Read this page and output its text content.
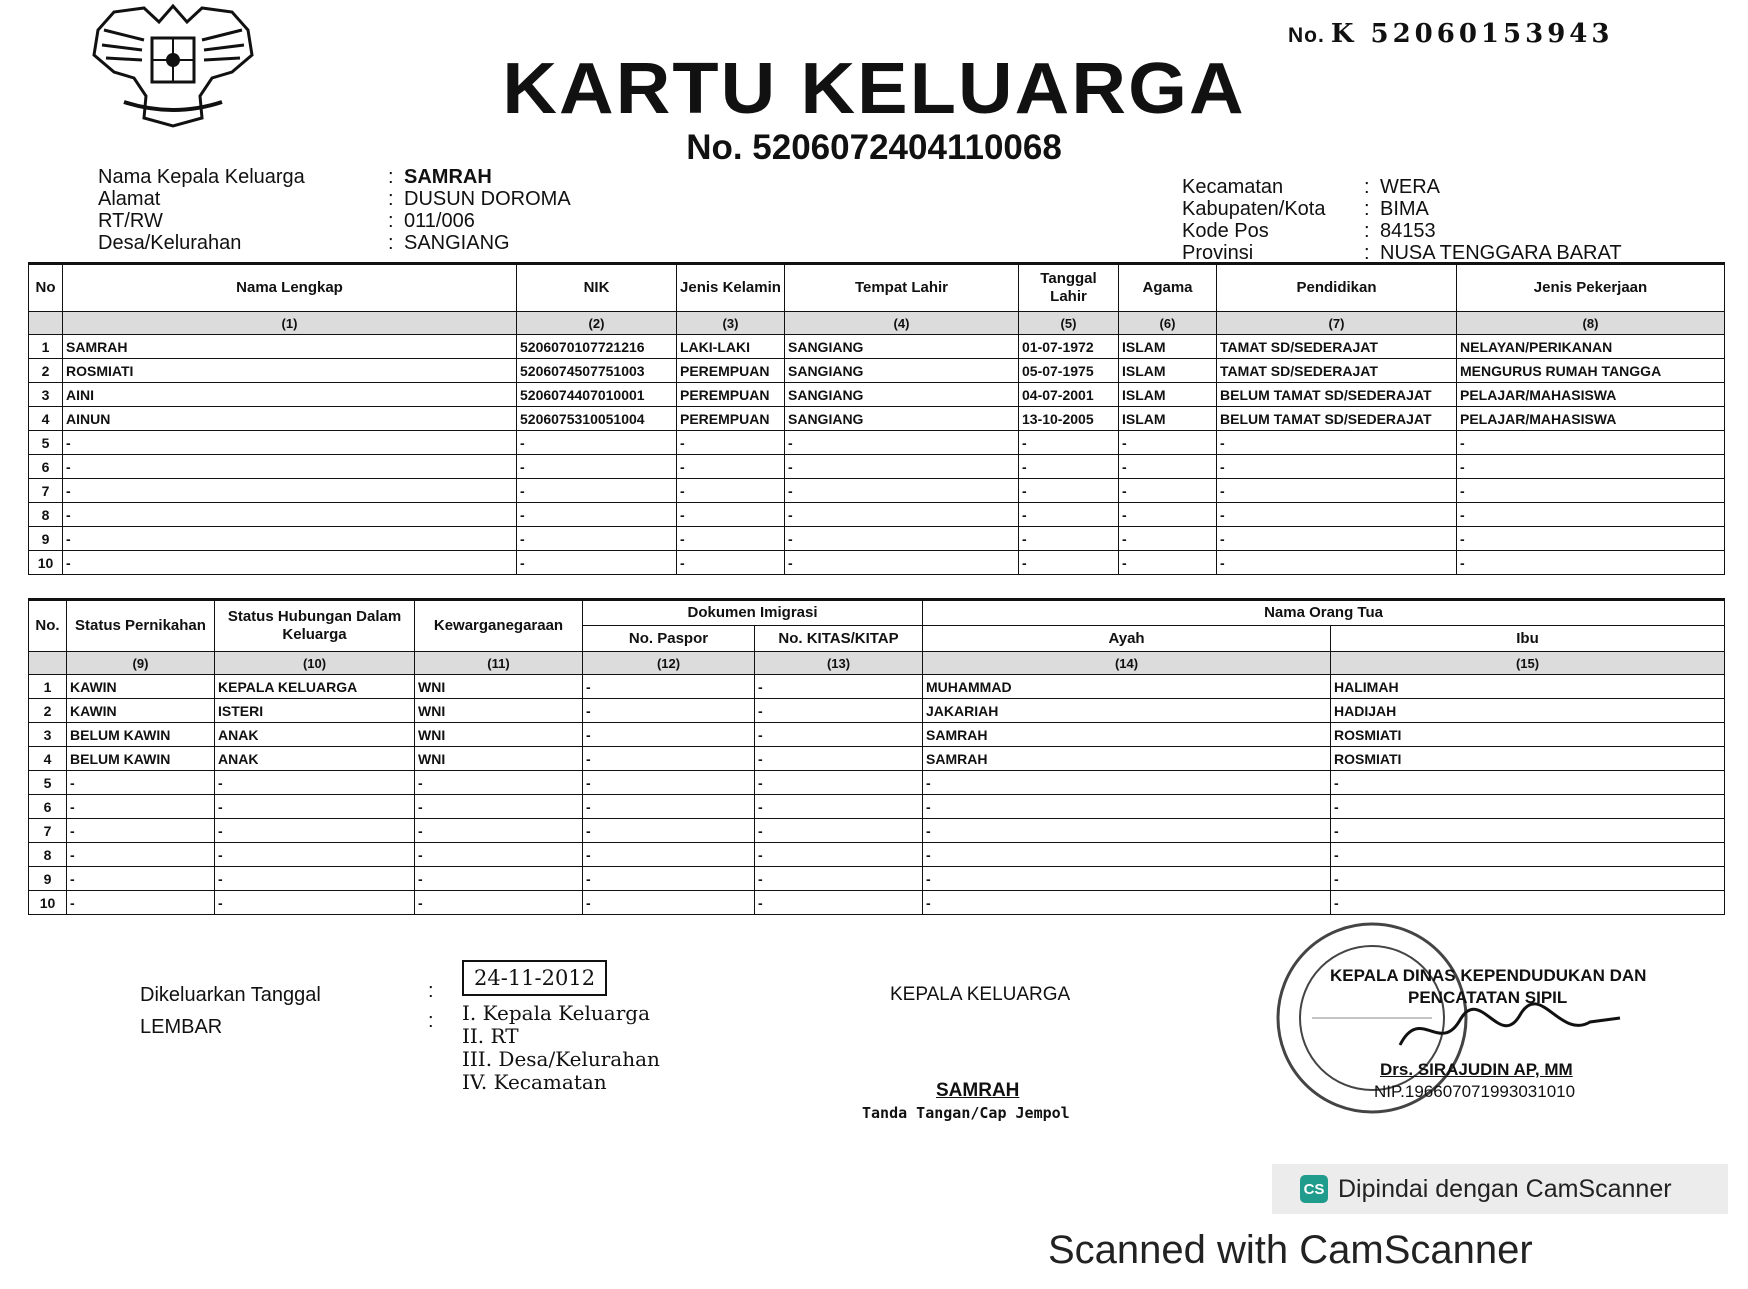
No. K 52060153943
KARTU KELUARGA
No. 5206072404110068
Nama Kepala Keluarga	: SAMRAH
Alamat	: DUSUN DOROMA
RT/RW	: 011/006
Desa/Kelurahan	: SANGIANG
Kecamatan	: WERA
Kabupaten/Kota : BIMA
Kode Pos	: 84153
Provinsi	: NUSA TENGGARA BARAT
No	Nama Lengkap	NIK	Jenis Kelamin	Tempat Lahir	Tanggal Lahir	Agama	Pendidikan	Jenis Pekerjaan
	(1)	(2)	(3)	(4)	(5)	(6)	(7)	(8)
1	SAMRAH	5206070107721216	LAKI-LAKI	SANGIANG	01-07-1972	ISLAM	TAMAT SD/SEDERAJAT	NELAYAN/PERIKANAN
2	ROSMIATI	5206074507751003	PEREMPUAN	SANGIANG	05-07-1975	ISLAM	TAMAT SD/SEDERAJAT	MENGURUS RUMAH TANGGA
3	AINI	5206074407010001	PEREMPUAN	SANGIANG	04-07-2001	ISLAM	BELUM TAMAT SD/SEDERAJAT	PELAJAR/MAHASISWA
4	AINUN	5206075310051004	PEREMPUAN	SANGIANG	13-10-2005	ISLAM	BELUM TAMAT SD/SEDERAJAT	PELAJAR/MAHASISWA
5	-	-	-	-	-	-	-	-
6	-	-	-	-	-	-	-	-
7	-	-	-	-	-	-	-	-
8	-	-	-	-	-	-	-	-
9	-	-	-	-	-	-	-	-
10	-	-	-	-	-	-	-	-
No.	Status Pernikahan	Status Hubungan Dalam Keluarga	Kewarganegaraan	Dokumen Imigrasi		Nama Orang Tua	
				No. Paspor	No. KITAS/KITAP	Ayah	Ibu
	(9)	(10)	(11)	(12)	(13)	(14)	(15)
1	KAWIN	KEPALA KELUARGA	WNI	-	-	MUHAMMAD	HALIMAH
2	KAWIN	ISTERI	WNI	-	-	JAKARIAH	HADIJAH
3	BELUM KAWIN	ANAK	WNI	-	-	SAMRAH	ROSMIATI
4	BELUM KAWIN	ANAK	WNI	-	-	SAMRAH	ROSMIATI
5	-	-	-	-	-	-	-
6	-	-	-	-	-	-	-
7	-	-	-	-	-	-	-
8	-	-	-	-	-	-	-
9	-	-	-	-	-	-	-
10	-	-	-	-	-	-	-
Dikeluarkan Tanggal
LEMBAR
:
:
24-11-2012
I. Kepala Keluarga
II. RT
III. Desa/Kelurahan
IV. Kecamatan
KEPALA KELUARGA
SAMRAH
Tanda Tangan/Cap Jempol
KEPALA DINAS KEPENDUDUKAN DAN
PENCATATAN SIPIL
Drs. SIRAJUDIN AP, MM
NIP.196607071993031010
CS Dipindai dengan CamScanner
Scanned with CamScanner
